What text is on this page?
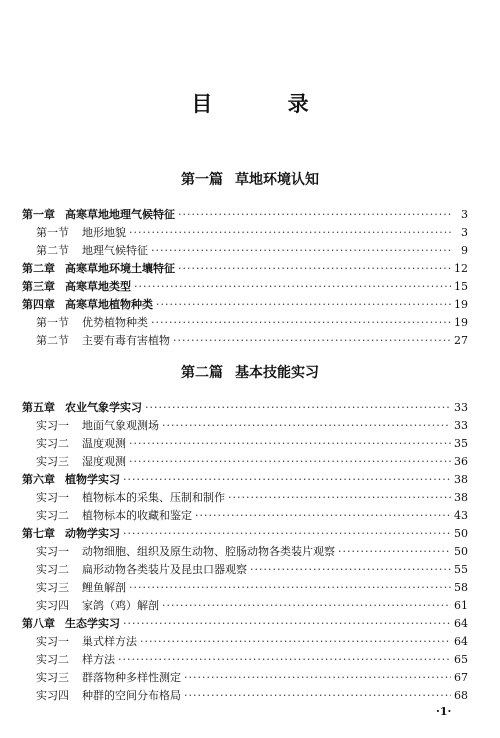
目 录
第一篇 草地环境认知
第一章 高寒草地地理气候特征 ·····	3
第一节 地形地貌 ·····	3
第二节 地理气候特征 ·····	9
第二章 高寒草地环境土壤特征 ·····	12
第三章 高寒草地类型 ·····	15
第四章 高寒草地植物种类 ·····	19
第一节 优势植物种类 ·····	19
第二节 主要有毒有害植物 ·····	27
第二篇 基本技能实习
第五章 农业气象学实习 ·····	33
实习一 地面气象观测场 ·····	33
实习二 温度观测 ·····	35
实习三 湿度观测 ·····	36
第六章 植物学实习 ·····	38
实习一 植物标本的采集、压制和制作 ·····	38
实习二 植物标本的收藏和鉴定 ·····	43
第七章 动物学实习 ·····	50
实习一 动物细胞、组织及原生动物、腔肠动物各类装片观察 ·····	50
实习二 扁形动物各类装片及昆虫口器观察 ·····	55
实习三 鲤鱼解剖 ·····	58
实习四 家鸽（鸡）解剖 ·····	61
第八章 生态学实习 ·····	64
实习一 巢式样方法 ·····	64
实习二 样方法 ·····	65
实习三 群落物种多样性测定 ·····	67
实习四 种群的空间分布格局 ·····	68
·1·
